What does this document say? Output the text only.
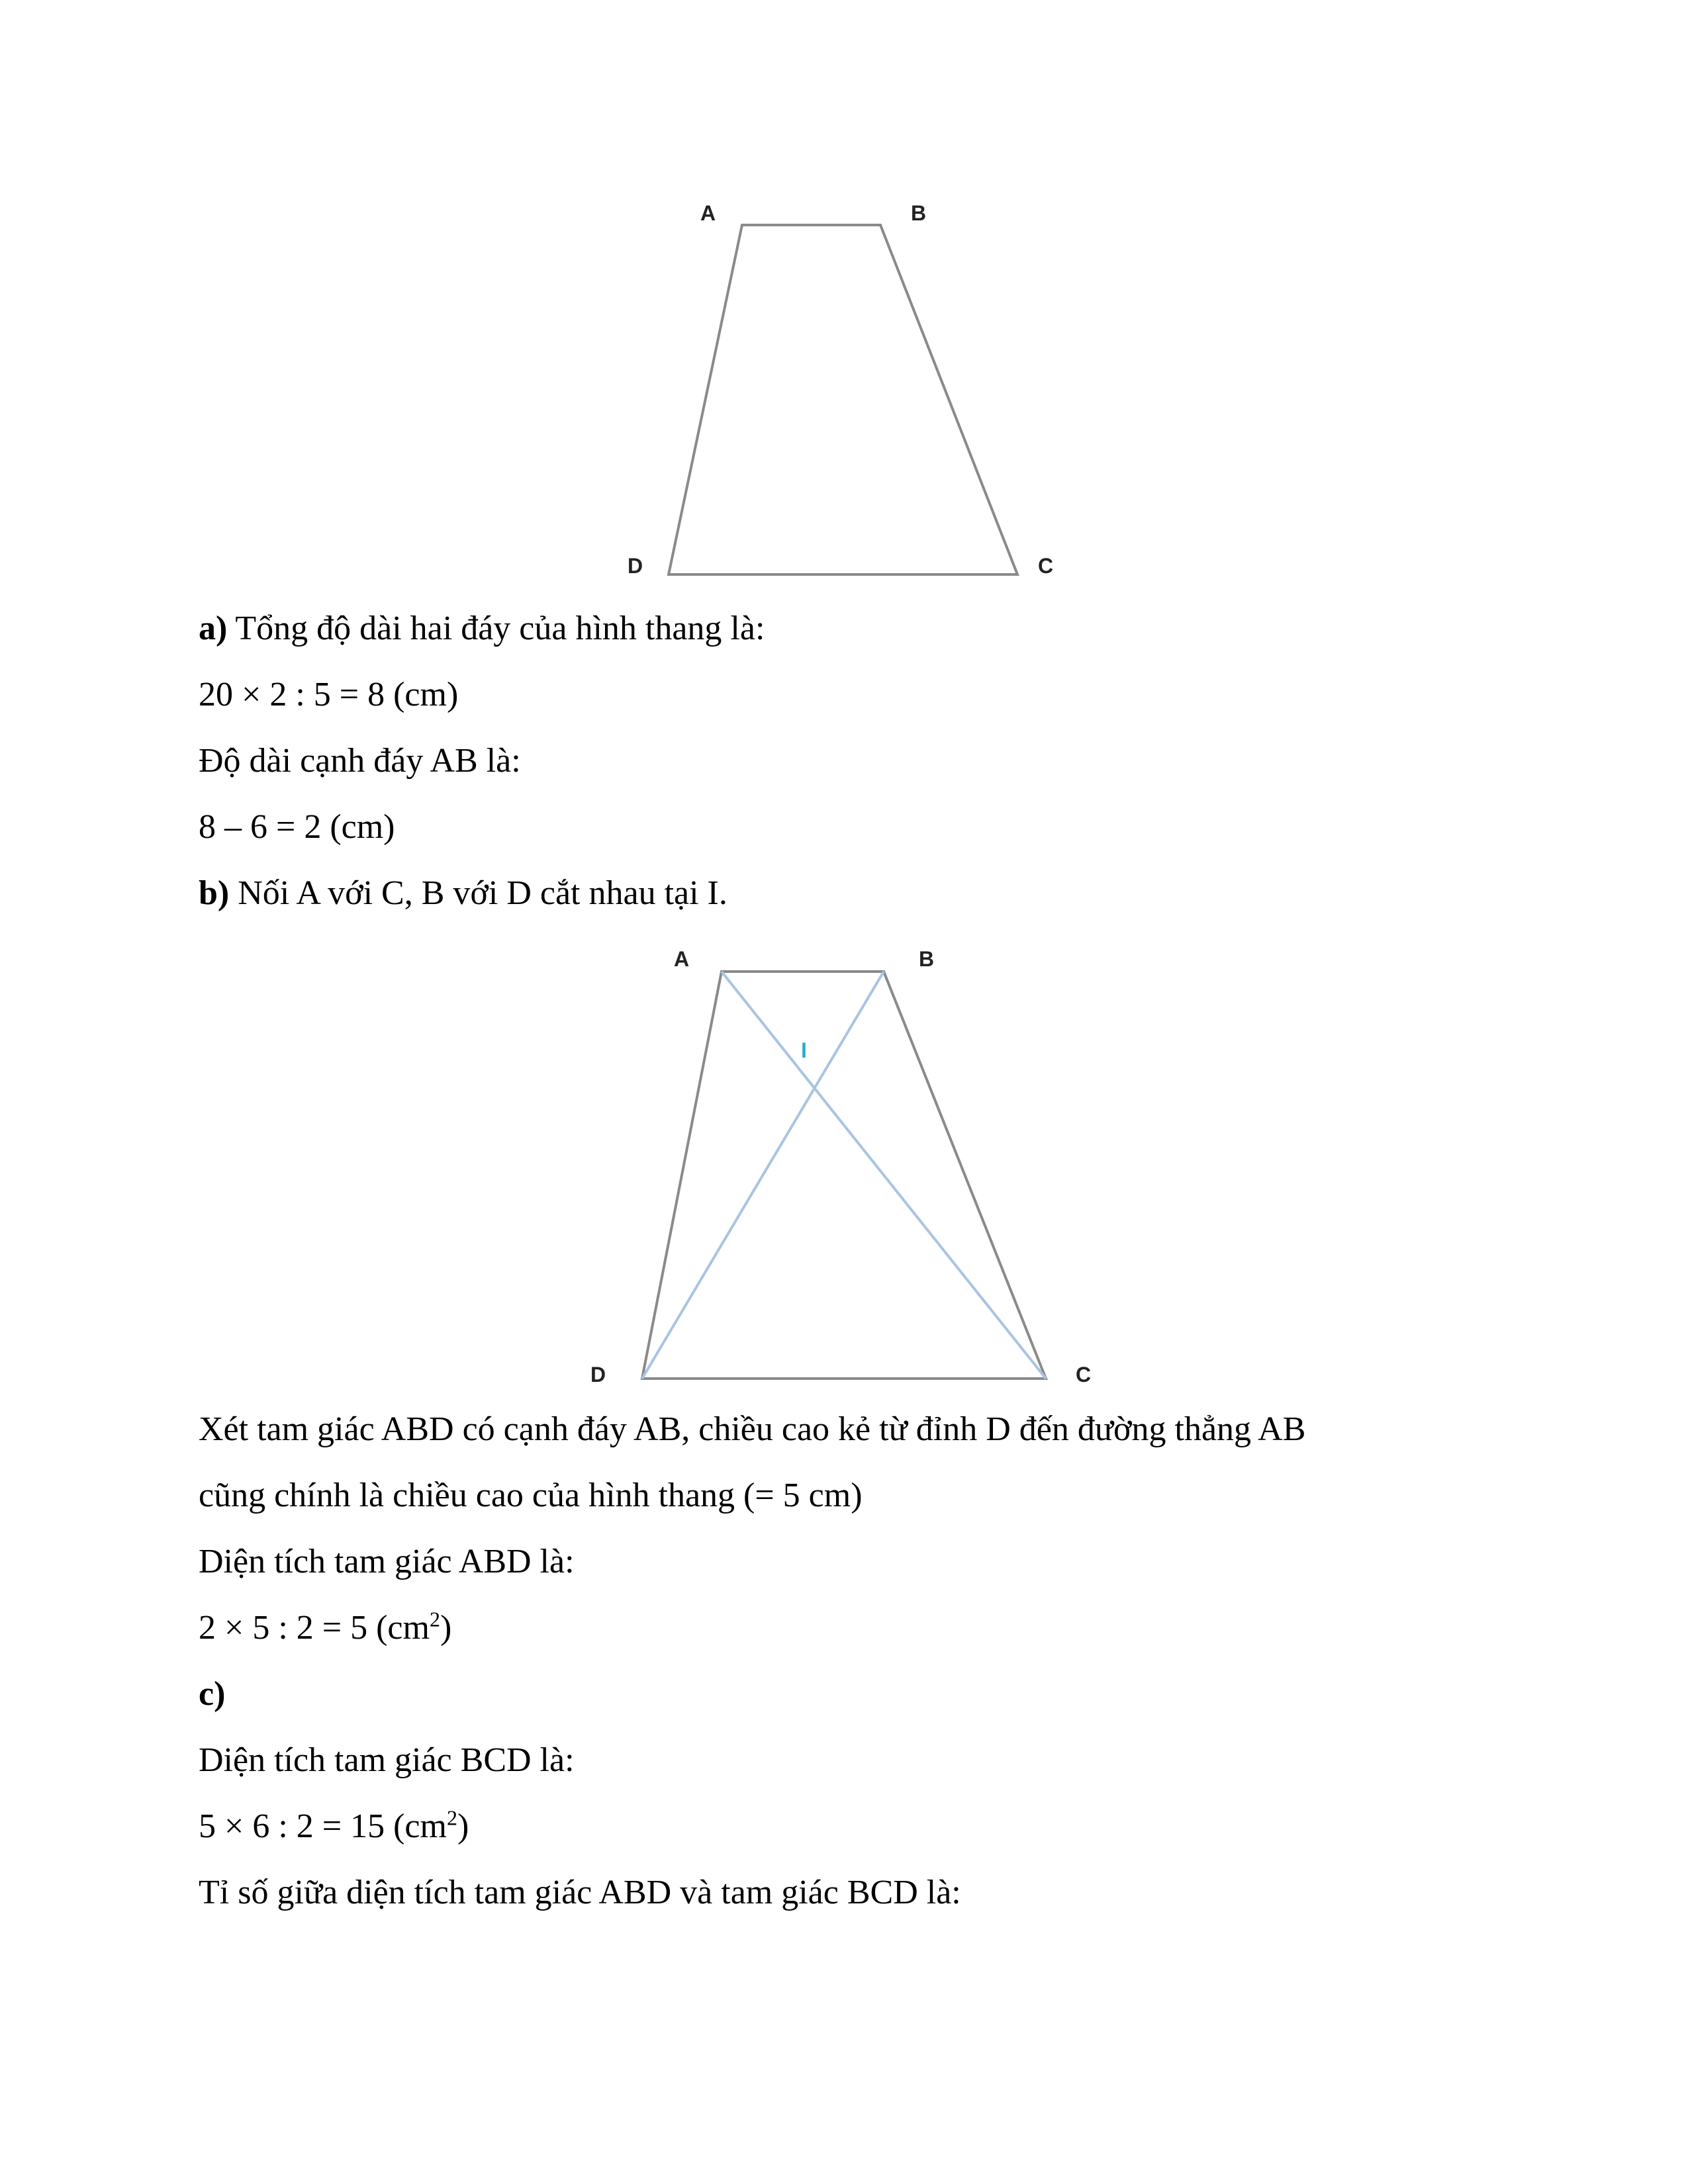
A	B
D	C
a) Tổng độ dài hai đáy của hình thang là:
20 × 2 : 5 = 8 (cm)
Độ dài cạnh đáy AB là:
8 – 6 = 2 (cm)
b) Nối A với C, B với D cắt nhau tại I.
A	B
D	C
I
Xét tam giác ABD có cạnh đáy AB, chiều cao kẻ từ đỉnh D đến đường thẳng AB
cũng chính là chiều cao của hình thang (= 5 cm)
Diện tích tam giác ABD là:
2 × 5 : 2 = 5 $(cm^2)$
c)
Diện tích tam giác BCD là:
5 × 6 : 2 = 15 $(cm^2)$
Tỉ số giữa diện tích tam giác ABD và tam giác BCD là:
